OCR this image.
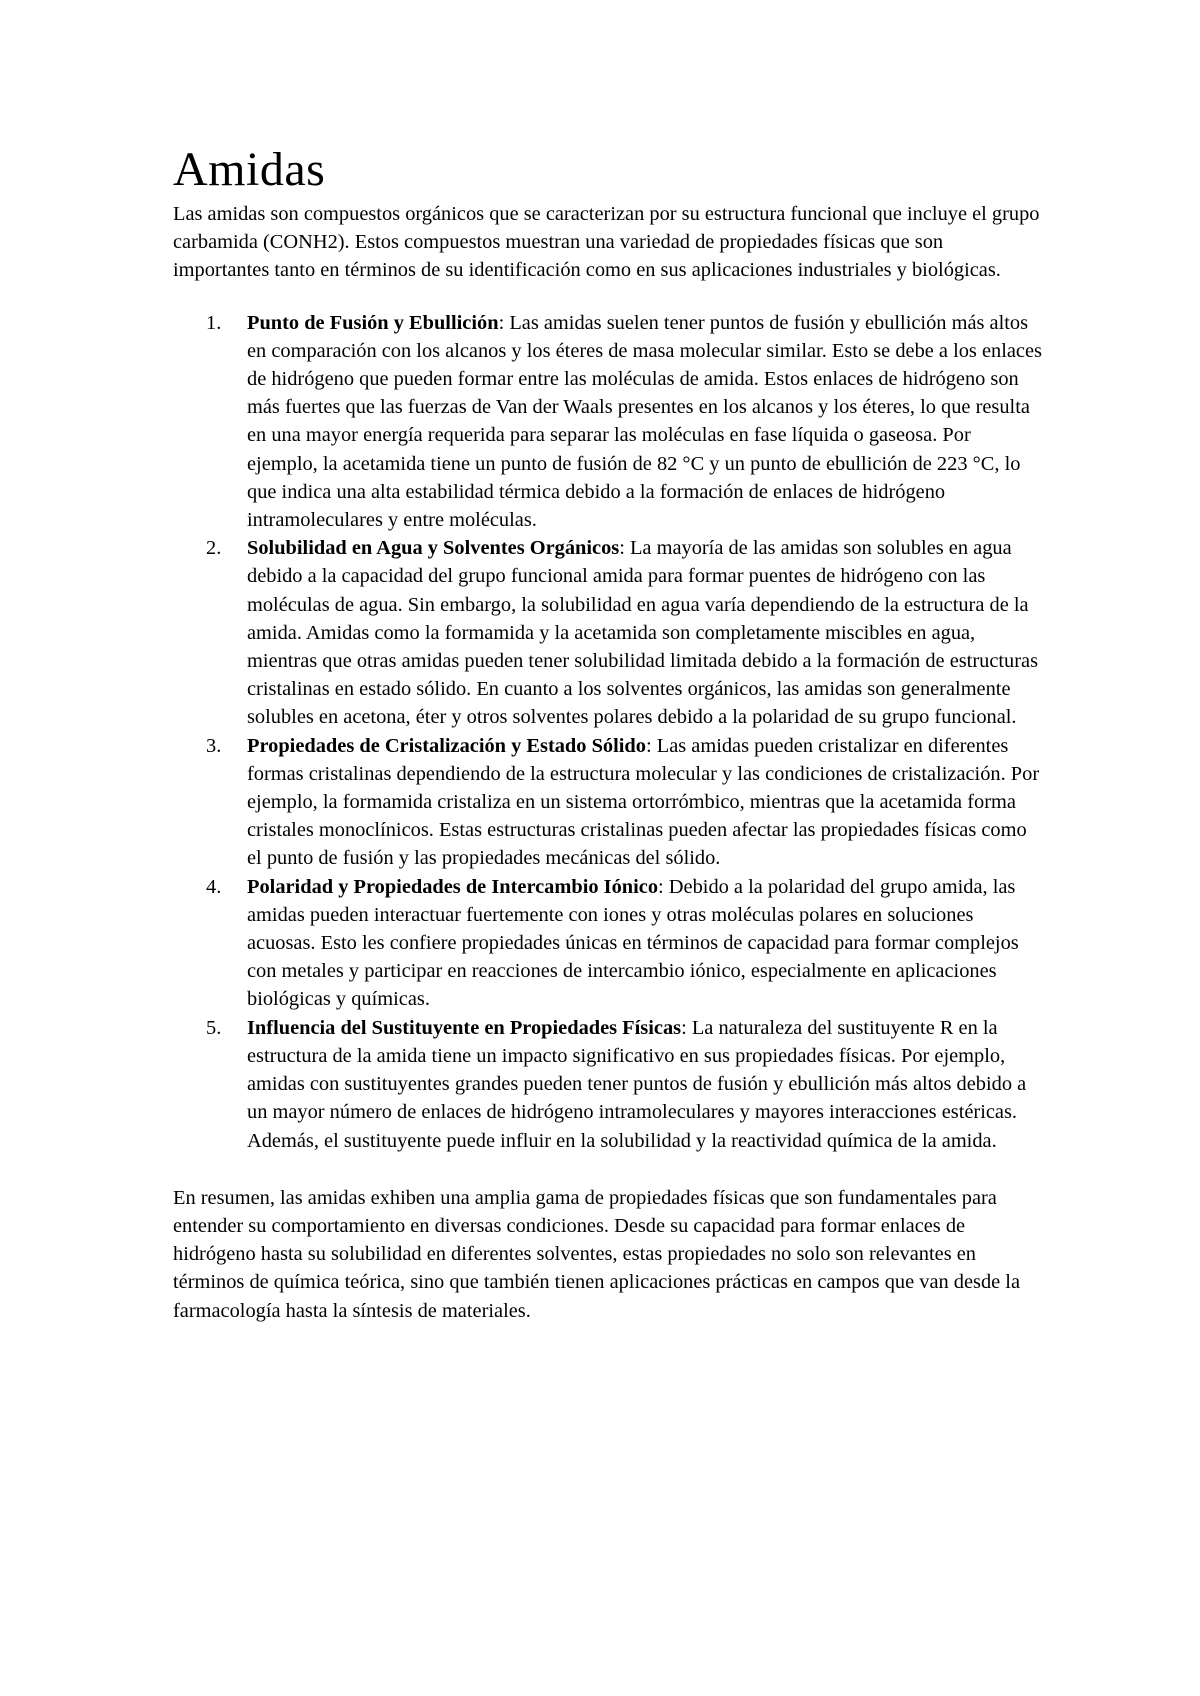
Amidas

Las amidas son compuestos orgánicos que se caracterizan por su estructura funcional que incluye el grupo carbamida (CONH2). Estos compuestos muestran una variedad de propiedades físicas que son importantes tanto en términos de su identificación como en sus aplicaciones industriales y biológicas.

1.	Punto de Fusión y Ebullición: Las amidas suelen tener puntos de fusión y ebullición más altos en comparación con los alcanos y los éteres de masa molecular similar. Esto se debe a los enlaces de hidrógeno que pueden formar entre las moléculas de amida. Estos enlaces de hidrógeno son más fuertes que las fuerzas de Van der Waals presentes en los alcanos y los éteres, lo que resulta en una mayor energía requerida para separar las moléculas en fase líquida o gaseosa. Por ejemplo, la acetamida tiene un punto de fusión de 82 °C y un punto de ebullición de 223 °C, lo que indica una alta estabilidad térmica debido a la formación de enlaces de hidrógeno intramoleculares y entre moléculas.
2.	Solubilidad en Agua y Solventes Orgánicos: La mayoría de las amidas son solubles en agua debido a la capacidad del grupo funcional amida para formar puentes de hidrógeno con las moléculas de agua. Sin embargo, la solubilidad en agua varía dependiendo de la estructura de la amida. Amidas como la formamida y la acetamida son completamente miscibles en agua, mientras que otras amidas pueden tener solubilidad limitada debido a la formación de estructuras cristalinas en estado sólido. En cuanto a los solventes orgánicos, las amidas son generalmente solubles en acetona, éter y otros solventes polares debido a la polaridad de su grupo funcional.
3.	Propiedades de Cristalización y Estado Sólido: Las amidas pueden cristalizar en diferentes formas cristalinas dependiendo de la estructura molecular y las condiciones de cristalización. Por ejemplo, la formamida cristaliza en un sistema ortorrómbico, mientras que la acetamida forma cristales monoclínicos. Estas estructuras cristalinas pueden afectar las propiedades físicas como el punto de fusión y las propiedades mecánicas del sólido.
4.	Polaridad y Propiedades de Intercambio Iónico: Debido a la polaridad del grupo amida, las amidas pueden interactuar fuertemente con iones y otras moléculas polares en soluciones acuosas. Esto les confiere propiedades únicas en términos de capacidad para formar complejos con metales y participar en reacciones de intercambio iónico, especialmente en aplicaciones biológicas y químicas.
5.	Influencia del Sustituyente en Propiedades Físicas: La naturaleza del sustituyente R en la estructura de la amida tiene un impacto significativo en sus propiedades físicas. Por ejemplo, amidas con sustituyentes grandes pueden tener puntos de fusión y ebullición más altos debido a un mayor número de enlaces de hidrógeno intramoleculares y mayores interacciones estéricas. Además, el sustituyente puede influir en la solubilidad y la reactividad química de la amida.

En resumen, las amidas exhiben una amplia gama de propiedades físicas que son fundamentales para entender su comportamiento en diversas condiciones. Desde su capacidad para formar enlaces de hidrógeno hasta su solubilidad en diferentes solventes, estas propiedades no solo son relevantes en términos de química teórica, sino que también tienen aplicaciones prácticas en campos que van desde la farmacología hasta la síntesis de materiales.
